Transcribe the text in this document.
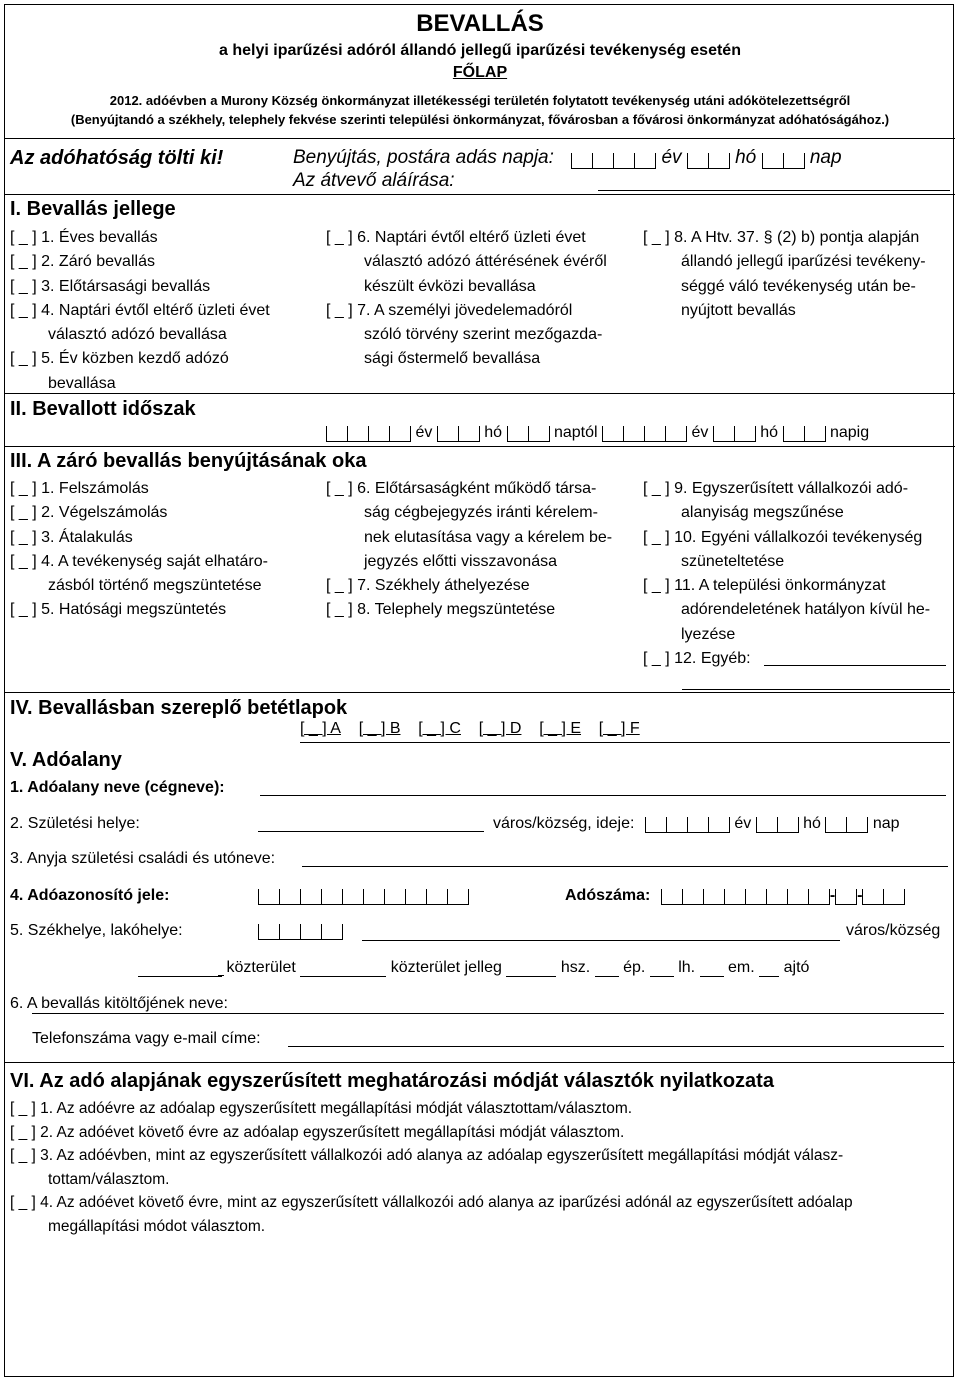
BEVALLÁS
a helyi iparűzési adóról állandó jellegű iparűzési tevékenység esetén
FŐLAP
2012. adóévben a Murony Község önkormányzat illetékességi területén folytatott tevékenység utáni adókötelezettségről
(Benyújtandó a székhely, telephely fekvése szerinti települési önkormányzat, fővárosban a fővárosi önkormányzat adóhatóságához.)
Az adóhatóság tölti ki!	Benyújtás, postára adás napja:	év	hó	nap
Az átvevő aláírása:
I. Bevallás jellege
[ _ ] 1. Éves bevallás
[ _ ] 2. Záró bevallás
[ _ ] 3. Előtársasági bevallás
[ _ ] 4. Naptári évtől eltérő üzleti évet
választó adózó bevallása
[ _ ] 5. Év közben kezdő adózó
bevallása
[ _ ] 6. Naptári évtől eltérő üzleti évet
választó adózó áttérésének évéről
készült évközi bevallása
[ _ ] 7. A személyi jövedelemadóról
szóló törvény szerint mezőgazda-
sági őstermelő bevallása
[ _ ] 8. A Htv. 37. § (2) b) pontja alapján
állandó jellegű iparűzési tevékeny-
séggé váló tevékenység után be-
nyújtott bevallás
II. Bevallott időszak
év	hó	naptól	év	hó	napig
III. A záró bevallás benyújtásának oka
[ _ ] 1. Felszámolás
[ _ ] 2. Végelszámolás
[ _ ] 3. Átalakulás
[ _ ] 4. A tevékenység saját elhatáro-
zásból történő megszüntetése
[ _ ] 5. Hatósági megszüntetés
[ _ ] 6. Előtársaságként működő társa-
ság cégbejegyzés iránti kérelem-
nek elutasítása vagy a kérelem be-
jegyzés előtti visszavonása
[ _ ] 7. Székhely áthelyezése
[ _ ] 8. Telephely megszüntetése
[ _ ] 9. Egyszerűsített vállalkozói adó-
alanyiság megszűnése
[ _ ] 10. Egyéni vállalkozói tevékenység
szüneteltetése
[ _ ] 11. A települési önkormányzat
adórendeletének hatályon kívül he-
lyezése
[ _ ] 12. Egyéb:
IV. Bevallásban szereplő betétlapok
[ _ ] A [ _ ] B [ _ ] C [ _ ] D [ _ ] E [ _ ] F
V. Adóalany
1. Adóalany neve (cégneve):
2. Születési helye:	város/község, ideje:	év	hó	nap
3. Anyja születési családi és utóneve:
4. Adóazonosító jele:	Adószáma:	- -
5. Székhelye, lakóhelye:	város/község
közterület	közterület jelleg	hsz. ép. lh. em. ajtó
6. A bevallás kitöltőjének neve:
Telefonszáma vagy e-mail címe:
VI. Az adó alapjának egyszerűsített meghatározási módját választók nyilatkozata
[ _ ] 1. Az adóévre az adóalap egyszerűsített megállapítási módját választottam/választom.
[ _ ] 2. Az adóévet követő évre az adóalap egyszerűsített megállapítási módját választom.
[ _ ] 3. Az adóévben, mint az egyszerűsített vállalkozói adó alanya az adóalap egyszerűsített megállapítási módját válasz-
tottam/választom.
[ _ ] 4. Az adóévet követő évre, mint az egyszerűsített vállalkozói adó alanya az iparűzési adónál az egyszerűsített adóalap
megállapítási módot választom.
